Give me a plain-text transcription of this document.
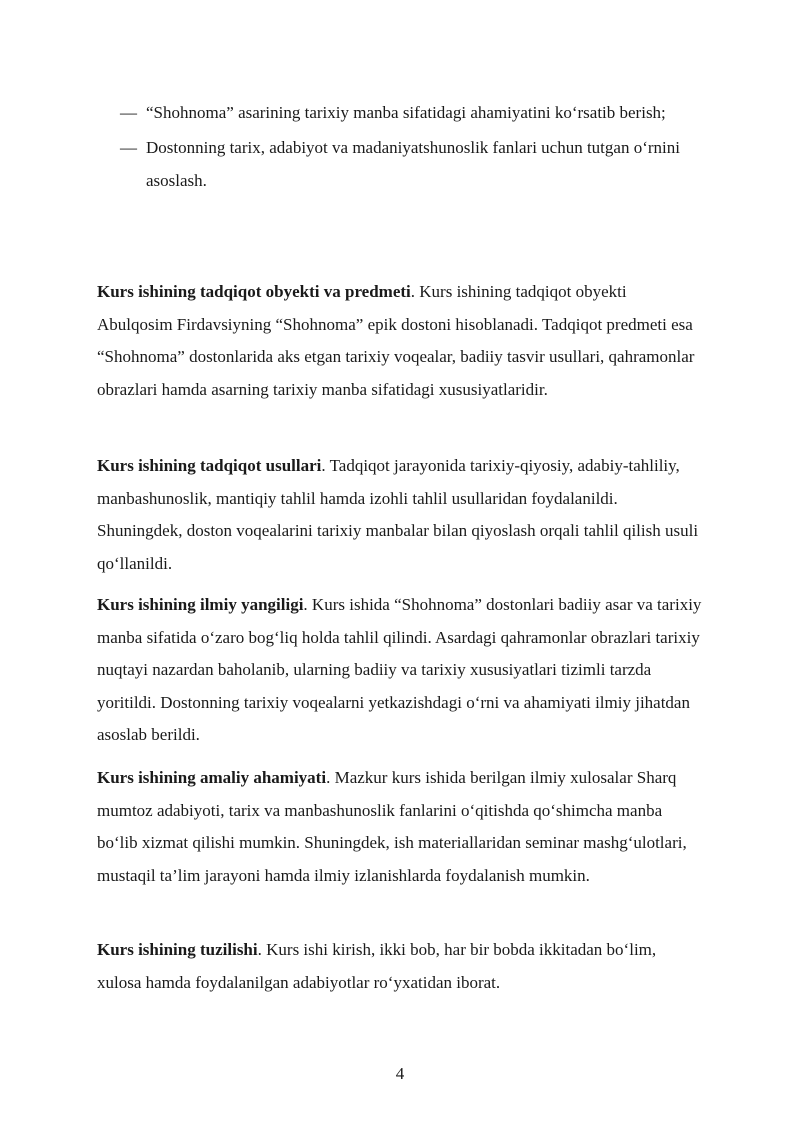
— “Shohnoma” asarining tarixiy manba sifatidagi ahamiyatini ko‘rsatib berish;

— Dostonning tarix, adabiyot va madaniyatshunoslik fanlari uchun tutgan o‘rnini asoslash.

Kurs ishining tadqiqot obyekti va predmeti. Kurs ishining tadqiqot obyekti Abulqosim Firdavsiyning “Shohnoma” epik dostoni hisoblanadi. Tadqiqot predmeti esa “Shohnoma” dostonlarida aks etgan tarixiy voqealar, badiiy tasvir usullari, qahramonlar obrazlari hamda asarning tarixiy manba sifatidagi xususiyatlaridir.

Kurs ishining tadqiqot usullari. Tadqiqot jarayonida tarixiy-qiyosiy, adabiy-tahliliy, manbashunoslik, mantiqiy tahlil hamda izohli tahlil usullaridan foydalanildi. Shuningdek, doston voqealarini tarixiy manbalar bilan qiyoslash orqali tahlil qilish usuli qo‘llanildi.

Kurs ishining ilmiy yangiligi. Kurs ishida “Shohnoma” dostonlari badiiy asar va tarixiy manba sifatida o‘zaro bog‘liq holda tahlil qilindi. Asardagi qahramonlar obrazlari tarixiy nuqtayi nazardan baholanib, ularning badiiy va tarixiy xususiyatlari tizimli tarzda yoritildi. Dostonning tarixiy voqealarni yetkazishdagi o‘rni va ahamiyati ilmiy jihatdan asoslab berildi.

Kurs ishining amaliy ahamiyati. Mazkur kurs ishida berilgan ilmiy xulosalar Sharq mumtoz adabiyoti, tarix va manbashunoslik fanlarini o‘qitishda qo‘shimcha manba bo‘lib xizmat qilishi mumkin. Shuningdek, ish materiallaridan seminar mashg‘ulotlari, mustaqil ta’lim jarayoni hamda ilmiy izlanishlarda foydalanish mumkin.

Kurs ishining tuzilishi. Kurs ishi kirish, ikki bob, har bir bobda ikkitadan bo‘lim, xulosa hamda foydalanilgan adabiyotlar ro‘yxatidan iborat.

4
